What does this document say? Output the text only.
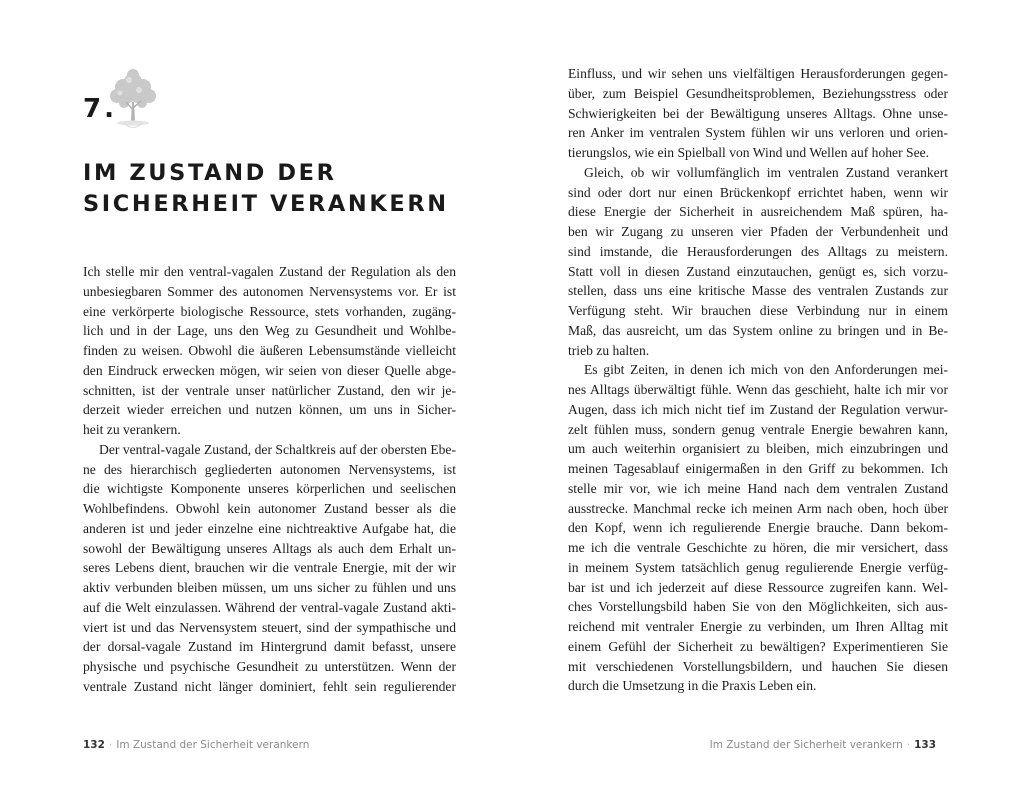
7.
IM ZUSTAND DER
SICHERHEIT VERANKERN
Ich stelle mir den ventral-vagalen Zustand der Regulation als den
unbesiegbaren Sommer des autonomen Nervensystems vor. Er ist
eine verkörperte biologische Ressource, stets vorhanden, zugäng-
lich und in der Lage, uns den Weg zu Gesundheit und Wohlbe-
finden zu weisen. Obwohl die äußeren Lebensumstände vielleicht
den Eindruck erwecken mögen, wir seien von dieser Quelle abge-
schnitten, ist der ventrale unser natürlicher Zustand, den wir je-
derzeit wieder erreichen und nutzen können, um uns in Sicher-
heit zu verankern.
Der ventral-vagale Zustand, der Schaltkreis auf der obersten Ebe-
ne des hierarchisch gegliederten autonomen Nervensystems, ist
die wichtigste Komponente unseres körperlichen und seelischen
Wohlbefindens. Obwohl kein autonomer Zustand besser als die
anderen ist und jeder einzelne eine nichtreaktive Aufgabe hat, die
sowohl der Bewältigung unseres Alltags als auch dem Erhalt un-
seres Lebens dient, brauchen wir die ventrale Energie, mit der wir
aktiv verbunden bleiben müssen, um uns sicher zu fühlen und uns
auf die Welt einzulassen. Während der ventral-vagale Zustand akti-
viert ist und das Nervensystem steuert, sind der sympathische und
der dorsal-vagale Zustand im Hintergrund damit befasst, unsere
physische und psychische Gesundheit zu unterstützen. Wenn der
ventrale Zustand nicht länger dominiert, fehlt sein regulierender
132 · Im Zustand der Sicherheit verankern
Einfluss, und wir sehen uns vielfältigen Herausforderungen gegen-
über, zum Beispiel Gesundheitsproblemen, Beziehungsstress oder
Schwierigkeiten bei der Bewältigung unseres Alltags. Ohne unse-
ren Anker im ventralen System fühlen wir uns verloren und orien-
tierungslos, wie ein Spielball von Wind und Wellen auf hoher See.
Gleich, ob wir vollumfänglich im ventralen Zustand verankert
sind oder dort nur einen Brückenkopf errichtet haben, wenn wir
diese Energie der Sicherheit in ausreichendem Maß spüren, ha-
ben wir Zugang zu unseren vier Pfaden der Verbundenheit und
sind imstande, die Herausforderungen des Alltags zu meistern.
Statt voll in diesen Zustand einzutauchen, genügt es, sich vorzu-
stellen, dass uns eine kritische Masse des ventralen Zustands zur
Verfügung steht. Wir brauchen diese Verbindung nur in einem
Maß, das ausreicht, um das System online zu bringen und in Be-
trieb zu halten.
Es gibt Zeiten, in denen ich mich von den Anforderungen mei-
nes Alltags überwältigt fühle. Wenn das geschieht, halte ich mir vor
Augen, dass ich mich nicht tief im Zustand der Regulation verwur-
zelt fühlen muss, sondern genug ventrale Energie bewahren kann,
um auch weiterhin organisiert zu bleiben, mich einzubringen und
meinen Tagesablauf einigermaßen in den Griff zu bekommen. Ich
stelle mir vor, wie ich meine Hand nach dem ventralen Zustand
ausstrecke. Manchmal recke ich meinen Arm nach oben, hoch über
den Kopf, wenn ich regulierende Energie brauche. Dann bekom-
me ich die ventrale Geschichte zu hören, die mir versichert, dass
in meinem System tatsächlich genug regulierende Energie verfüg-
bar ist und ich jederzeit auf diese Ressource zugreifen kann. Wel-
ches Vorstellungsbild haben Sie von den Möglichkeiten, sich aus-
reichend mit ventraler Energie zu verbinden, um Ihren Alltag mit
einem Gefühl der Sicherheit zu bewältigen? Experimentieren Sie
mit verschiedenen Vorstellungsbildern, und hauchen Sie diesen
durch die Umsetzung in die Praxis Leben ein.
Im Zustand der Sicherheit verankern · 133
